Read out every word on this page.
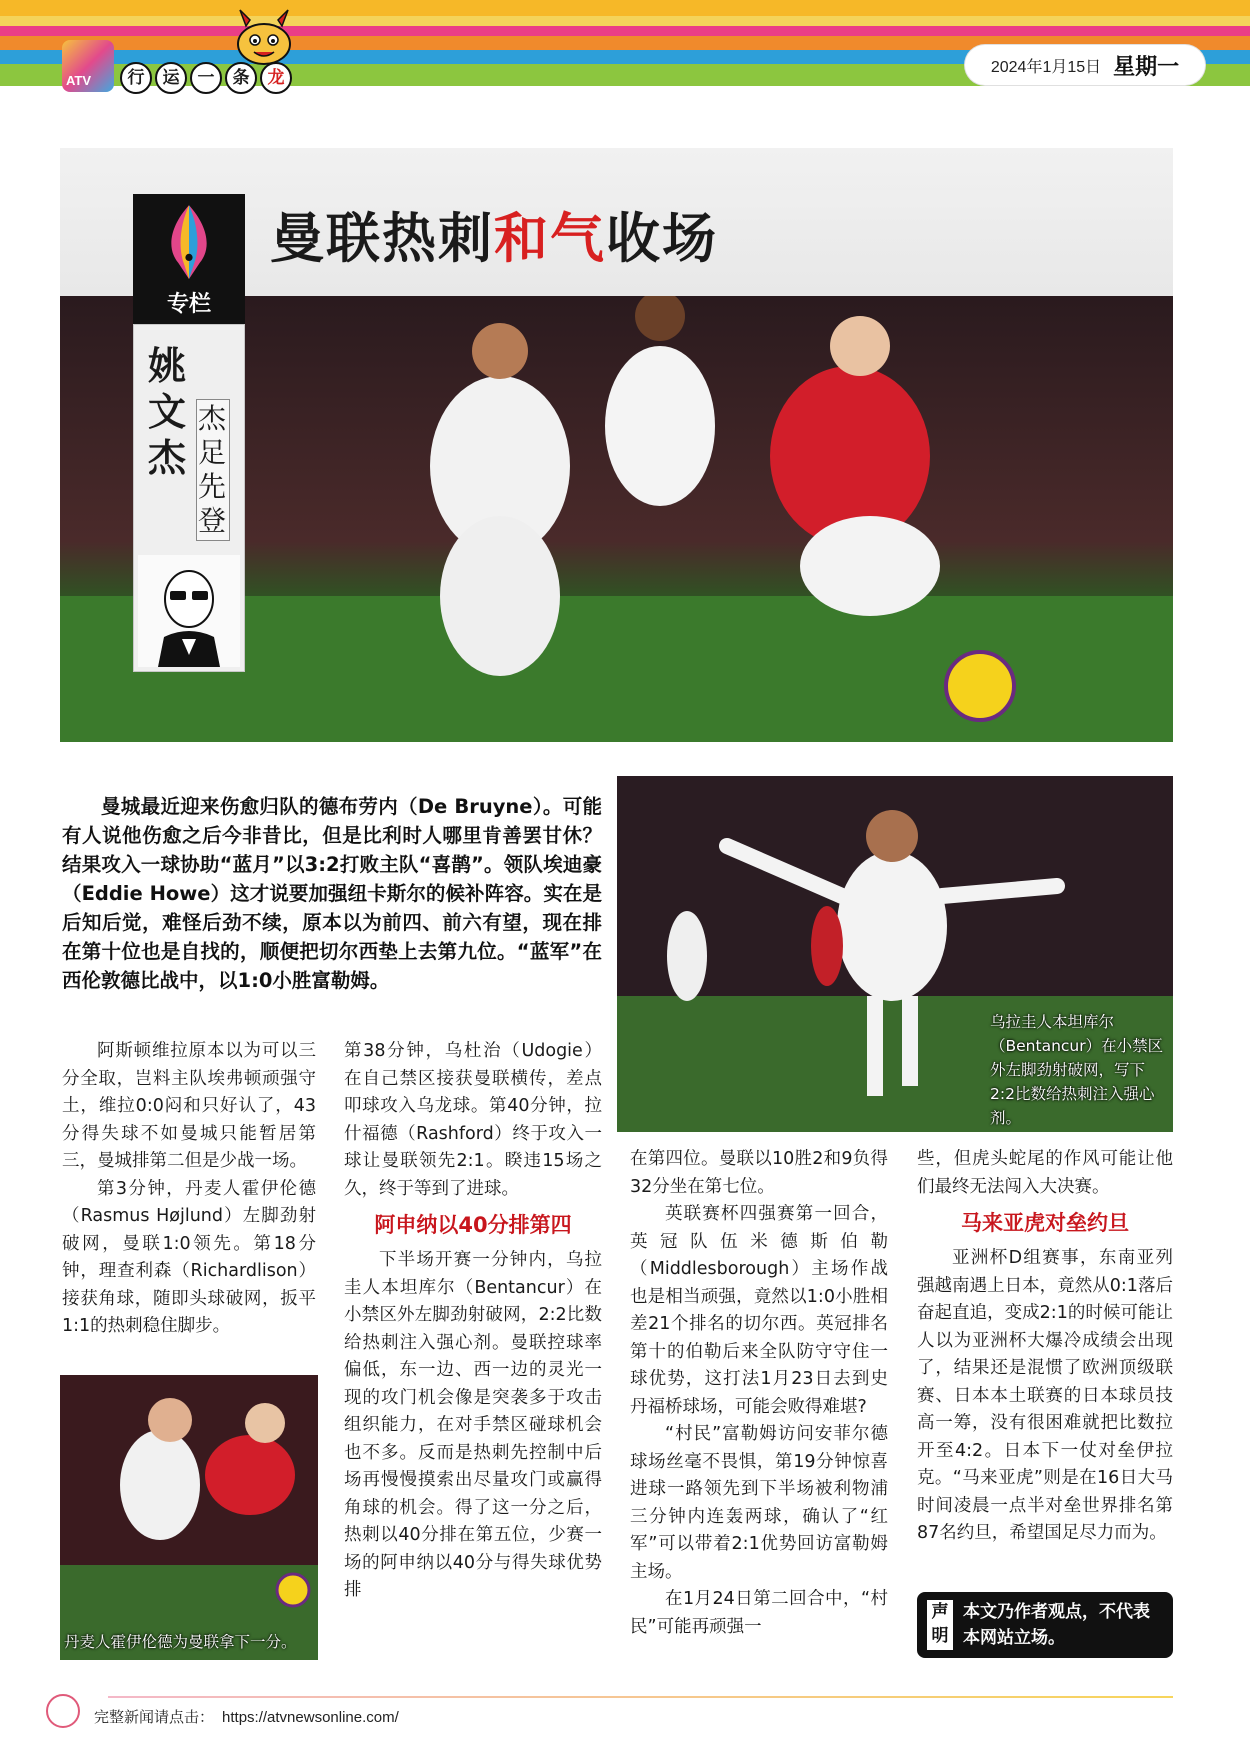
ATV	行	运	一	条	龙
2024年1月15日 星期一
曼联热刺和气收场
专栏
姚文杰
杰足先登
曼城最近迎来伤愈归队的德布劳内（De Bruyne）。可能有人说他伤愈之后今非昔比，但是比利时人哪里肯善罢甘休？结果攻入一球协助“蓝月”以3:2打败主队“喜鹊”。领队埃迪豪（Eddie Howe）这才说要加强纽卡斯尔的候补阵容。实在是后知后觉，难怪后劲不续，原本以为前四、前六有望，现在排在第十位也是自找的，顺便把切尔西垫上去第九位。“蓝军”在西伦敦德比战中，以1:0小胜富勒姆。
乌拉圭人本坦库尔（Bentancur）在小禁区外左脚劲射破网，写下2:2比数给热刺注入强心剂。

阿斯顿维拉原本以为可以三分全取，岂料主队埃弗顿顽强守土，维拉0:0闷和只好认了，43分得失球不如曼城只能暂居第三，曼城排第二但是少战一场。

第3分钟，丹麦人霍伊伦德（Rasmus Højlund）左脚劲射破网，曼联1:0领先。第18分钟，理查利森（Richardlison）接获角球，随即头球破网，扳平1:1的热刺稳住脚步。

第38分钟，乌杜治（Udogie）在自己禁区接获曼联横传，差点叩球攻入乌龙球。第40分钟，拉什福德（Rashford）终于攻入一球让曼联领先2:1。睽违15场之久，终于等到了进球。

阿申纳以40分排第四

下半场开赛一分钟内，乌拉圭人本坦库尔（Bentancur）在小禁区外左脚劲射破网，2:2比数给热刺注入强心剂。曼联控球率偏低，东一边、西一边的灵光一现的攻门机会像是突袭多于攻击组织能力，在对手禁区碰球机会也不多。反而是热刺先控制中后场再慢慢摸索出尽量攻门或赢得角球的机会。得了这一分之后，热刺以40分排在第五位，少赛一场的阿申纳以40分与得失球优势排

在第四位。曼联以10胜2和9负得32分坐在第七位。

英联赛杯四强赛第一回合，英冠队伍米德斯伯勒（Middlesborough）主场作战也是相当顽强，竟然以1:0小胜相差21个排名的切尔西。英冠排名第十的伯勒后来全队防守守住一球优势，这打法1月23日去到史丹福桥球场，可能会败得难堪?

“村民”富勒姆访问安菲尔德球场丝毫不畏惧，第19分钟惊喜进球一路领先到下半场被利物浦三分钟内连轰两球，确认了“红军”可以带着2:1优势回访富勒姆主场。

在1月24日第二回合中，“村民”可能再顽强一

些，但虎头蛇尾的作风可能让他们最终无法闯入大决赛。

马来亚虎对垒约旦

亚洲杯D组赛事，东南亚列强越南遇上日本，竟然从0:1落后奋起直追，变成2:1的时候可能让人以为亚洲杯大爆冷成绩会出现了，结果还是混惯了欧洲顶级联赛、日本本土联赛的日本球员技高一筹，没有很困难就把比数拉开至4:2。日本下一仗对垒伊拉克。“马来亚虎”则是在16日大马时间凌晨一点半对垒世界排名第87名约旦，希望国足尽力而为。

丹麦人霍伊伦德为曼联拿下一分。
声明
本文乃作者观点，不代表本网站立场。
完整新闻请点击： https://atvnewsonline.com/
